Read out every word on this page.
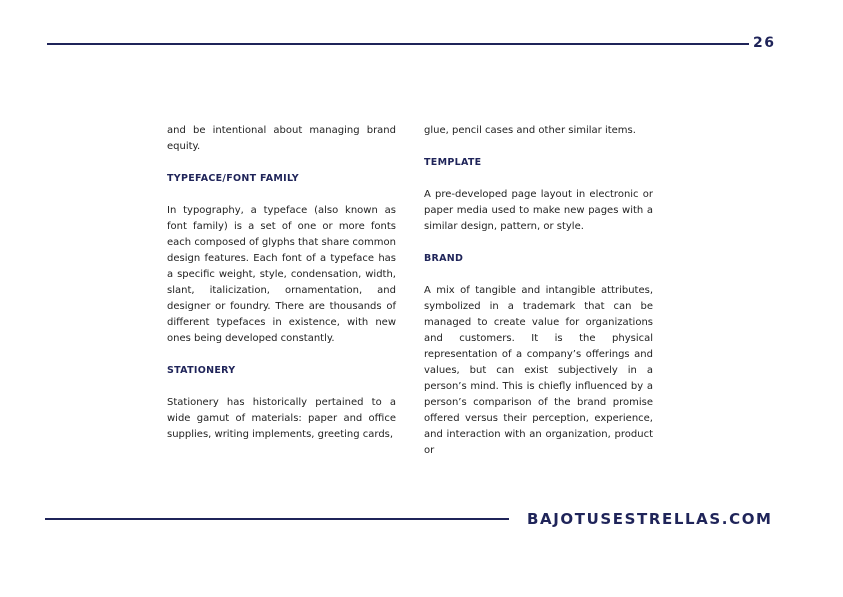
26

and be intentional about managing brand equity.

TYPEFACE/FONT FAMILY

In typography, a typeface (also known as font family) is a set of one or more fonts each composed of glyphs that share common design features. Each font of a typeface has a specific weight, style, condensation, width, slant, italicization, ornamentation, and designer or foundry. There are thousands of different typefaces in existence, with new ones being developed constantly.

STATIONERY

Stationery has historically pertained to a wide gamut of materials: paper and office supplies, writing implements, greeting cards,

glue, pencil cases and other similar items.

TEMPLATE

A pre-developed page layout in electronic or paper media used to make new pages with a similar design, pattern, or style.

BRAND

A mix of tangible and intangible attributes, symbolized in a trademark that can be managed to create value for organizations and customers. It is the physical representation of a company’s offerings and values, but can exist subjectively in a person’s mind. This is chiefly influenced by a person’s comparison of the brand promise offered versus their perception, experience, and interaction with an organization, product or

BAJOTUSESTRELLAS.COM
